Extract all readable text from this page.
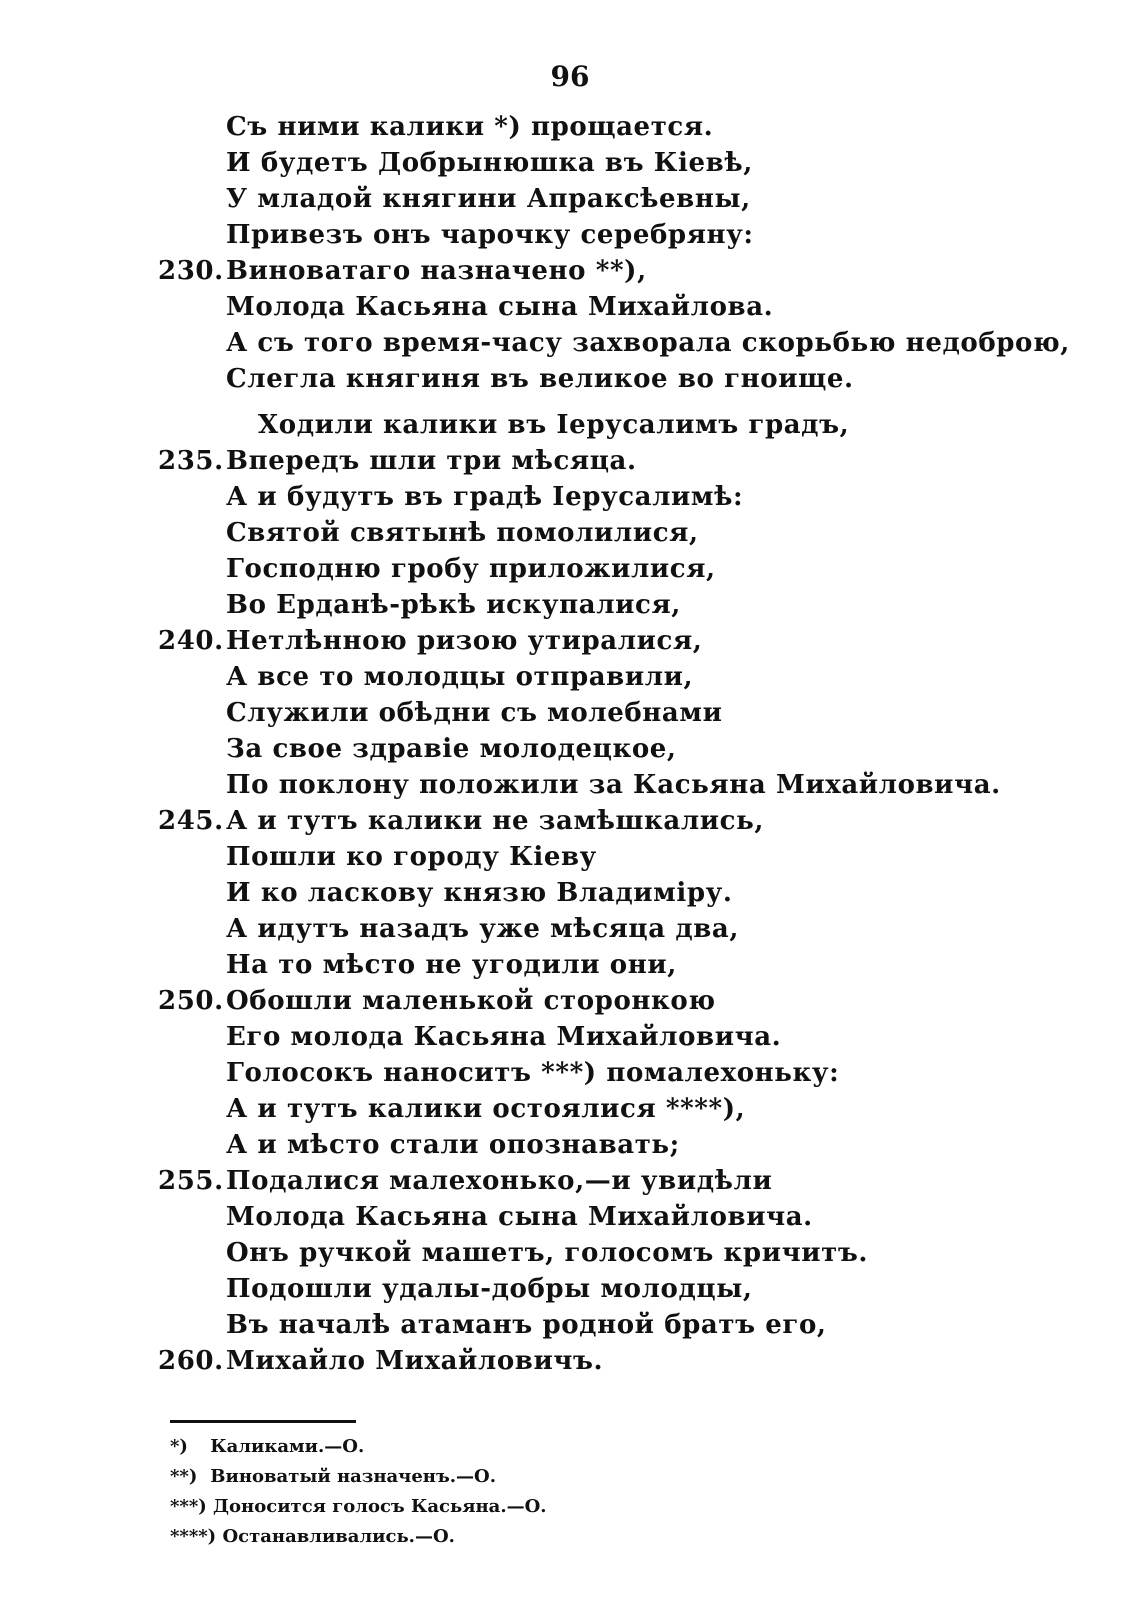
96
Съ ними калики *) прощается.
И будетъ Добрынюшка въ Кіевѣ,
У младой княгини Апраксѣевны,
Привезъ онъ чарочку серебряну:
230. Виноватаго назначено **),
Молода Касьяна сына Михайлова.
А съ того время-часу захворала скорьбью недоброю,
Слегла княгиня въ великое во гноище.
Ходили калики въ Іерусалимъ градъ,
235. Впередъ шли три мѣсяца.
А и будутъ въ градѣ Іерусалимѣ:
Святой святынѣ помолилися,
Господню гробу приложилися,
Во Ерданѣ-рѣкѣ искупалися,
240. Нетлѣнною ризою утиралися,
А все то молодцы отправили,
Служили обѣдни съ молебнами
За свое здравіе молодецкое,
По поклону положили за Касьяна Михайловича.
245. А и тутъ калики не замѣшкались,
Пошли ко городу Кіеву
И ко ласкову князю Владиміру.
А идутъ назадъ уже мѣсяца два,
На то мѣсто не угодили они,
250. Обошли маленькой сторонкою
Его молода Касьяна Михайловича.
Голосокъ наноситъ ***) помалехоньку:
А и тутъ калики остоялися ****),
А и мѣсто стали опознавать;
255. Подалися малехонько,—и увидѣли
Молода Касьяна сына Михайловича.
Онъ ручкой машетъ, голосомъ кричитъ.
Подошли удалы-добры молодцы,
Въ началѣ атаманъ родной братъ его,
260. Михайло Михайловичъ.
*) Каликами.—О.
**) Виноватый назначенъ.—О.
***) Доносится голосъ Касьяна.—О.
****) Останавливались.—О.
